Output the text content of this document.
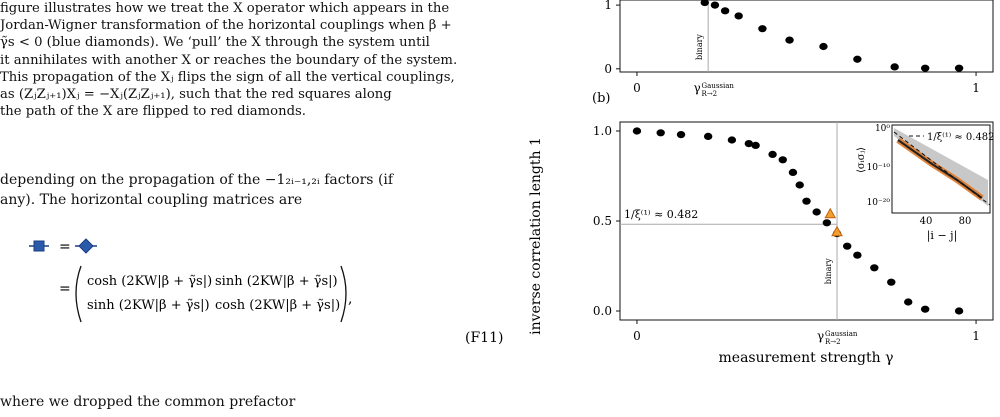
figure illustrates how we treat the X operator which appears in the
Jordan-Wigner transformation of the horizontal couplings when β +
γ̃s < 0 (blue diamonds). We ‘pull’ the X through the system until
it annihilates with another X or reaches the boundary of the system.
This propagation of the Xⱼ flips the sign of all the vertical couplings,
as (ZⱼZⱼ₊₁)Xⱼ = −Xⱼ(ZⱼZⱼ₊₁), such that the red squares along
the path of the X are flipped to red diamonds.
depending on the propagation of the −1₂ᵢ₋₁,₂ᵢ factors (if
any). The horizontal coupling matrices are
=
= cosh (2KW|β + γ̃s|) sinh (2KW|β + γ̃s|)
sinh (2KW|β + γ̃s|) cosh (2KW|β + γ̃s|) ,
(F11)
where we dropped the common prefactor
inverse correlation length 1
0
1
0	1
binary
γ Gaussian
R→2
(b)
0.0
0.5
1.0
0	1
1/ξ⁽¹⁾ ≈ 0.482
binary
γ Gaussian
R→2
measurement strength γ
1/ξ⁽¹⁾ ≈ 0.482
10⁰
10⁻¹⁰
10⁻²⁰
40	80
|i − j|
⟨σᵢσⱼ⟩
